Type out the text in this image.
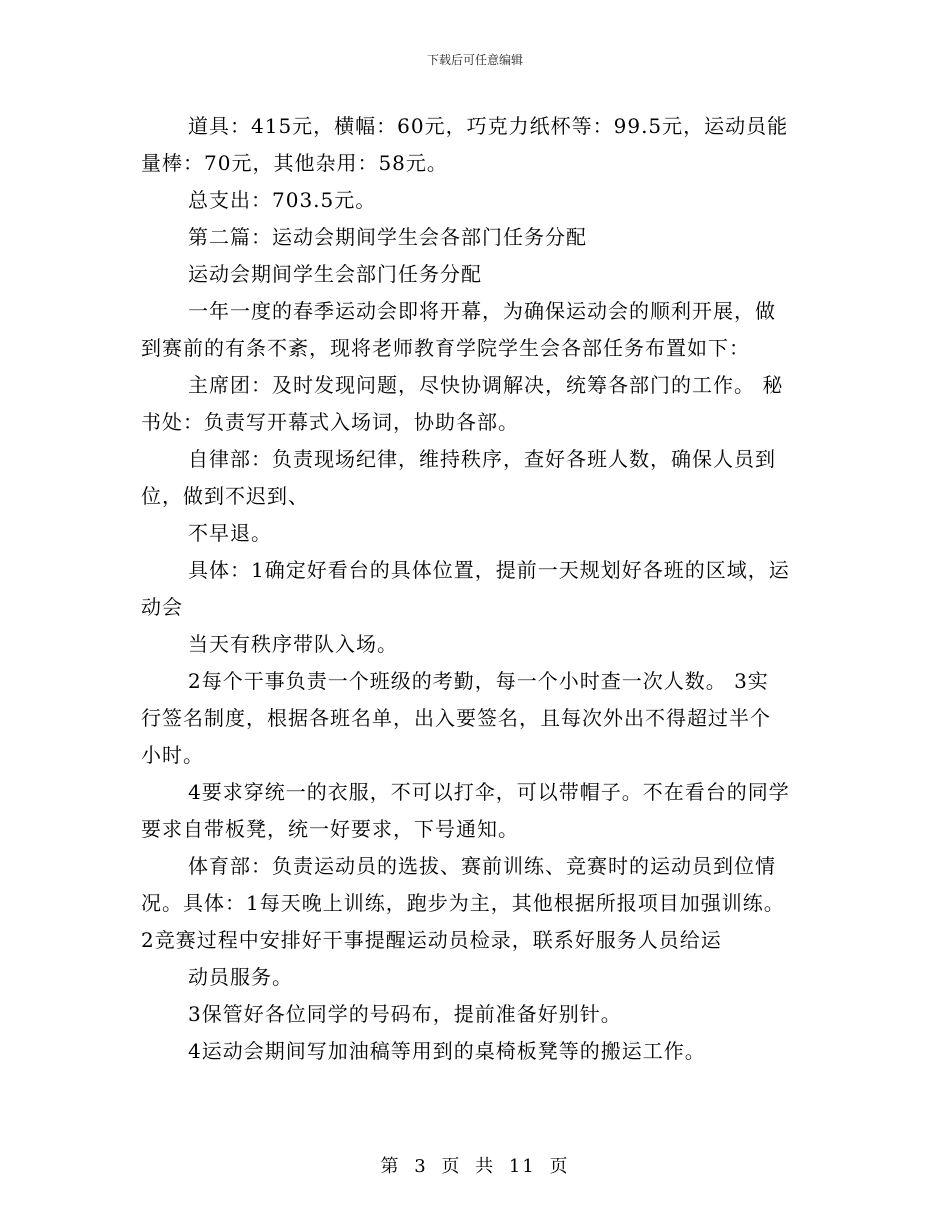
下载后可任意编辑

道具：415元，横幅：60元，巧克力纸杯等：99.5元，运动员能

量棒：70元，其他杂用：58元。

总支出：703.5元。

第二篇：运动会期间学生会各部门任务分配

运动会期间学生会部门任务分配

一年一度的春季运动会即将开幕，为确保运动会的顺利开展，做

到赛前的有条不紊，现将老师教育学院学生会各部任务布置如下：

主席团：及时发现问题，尽快协调解决，统筹各部门的工作。 秘

书处：负责写开幕式入场词，协助各部。

自律部：负责现场纪律，维持秩序，查好各班人数，确保人员到

位，做到不迟到、

不早退。

具体：1确定好看台的具体位置，提前一天规划好各班的区域，运

动会

当天有秩序带队入场。

2每个干事负责一个班级的考勤，每一个小时查一次人数。 3实

行签名制度，根据各班名单，出入要签名，且每次外出不得超过半个

小时。

4要求穿统一的衣服，不可以打伞，可以带帽子。不在看台的同学

要求自带板凳，统一好要求，下号通知。

体育部：负责运动员的选拔、赛前训练、竞赛时的运动员到位情

况。具体：1每天晚上训练，跑步为主，其他根据所报项目加强训练。

2竞赛过程中安排好干事提醒运动员检录，联系好服务人员给运

动员服务。

3保管好各位同学的号码布，提前准备好别针。

4运动会期间写加油稿等用到的桌椅板凳等的搬运工作。

第 3 页 共 11 页
